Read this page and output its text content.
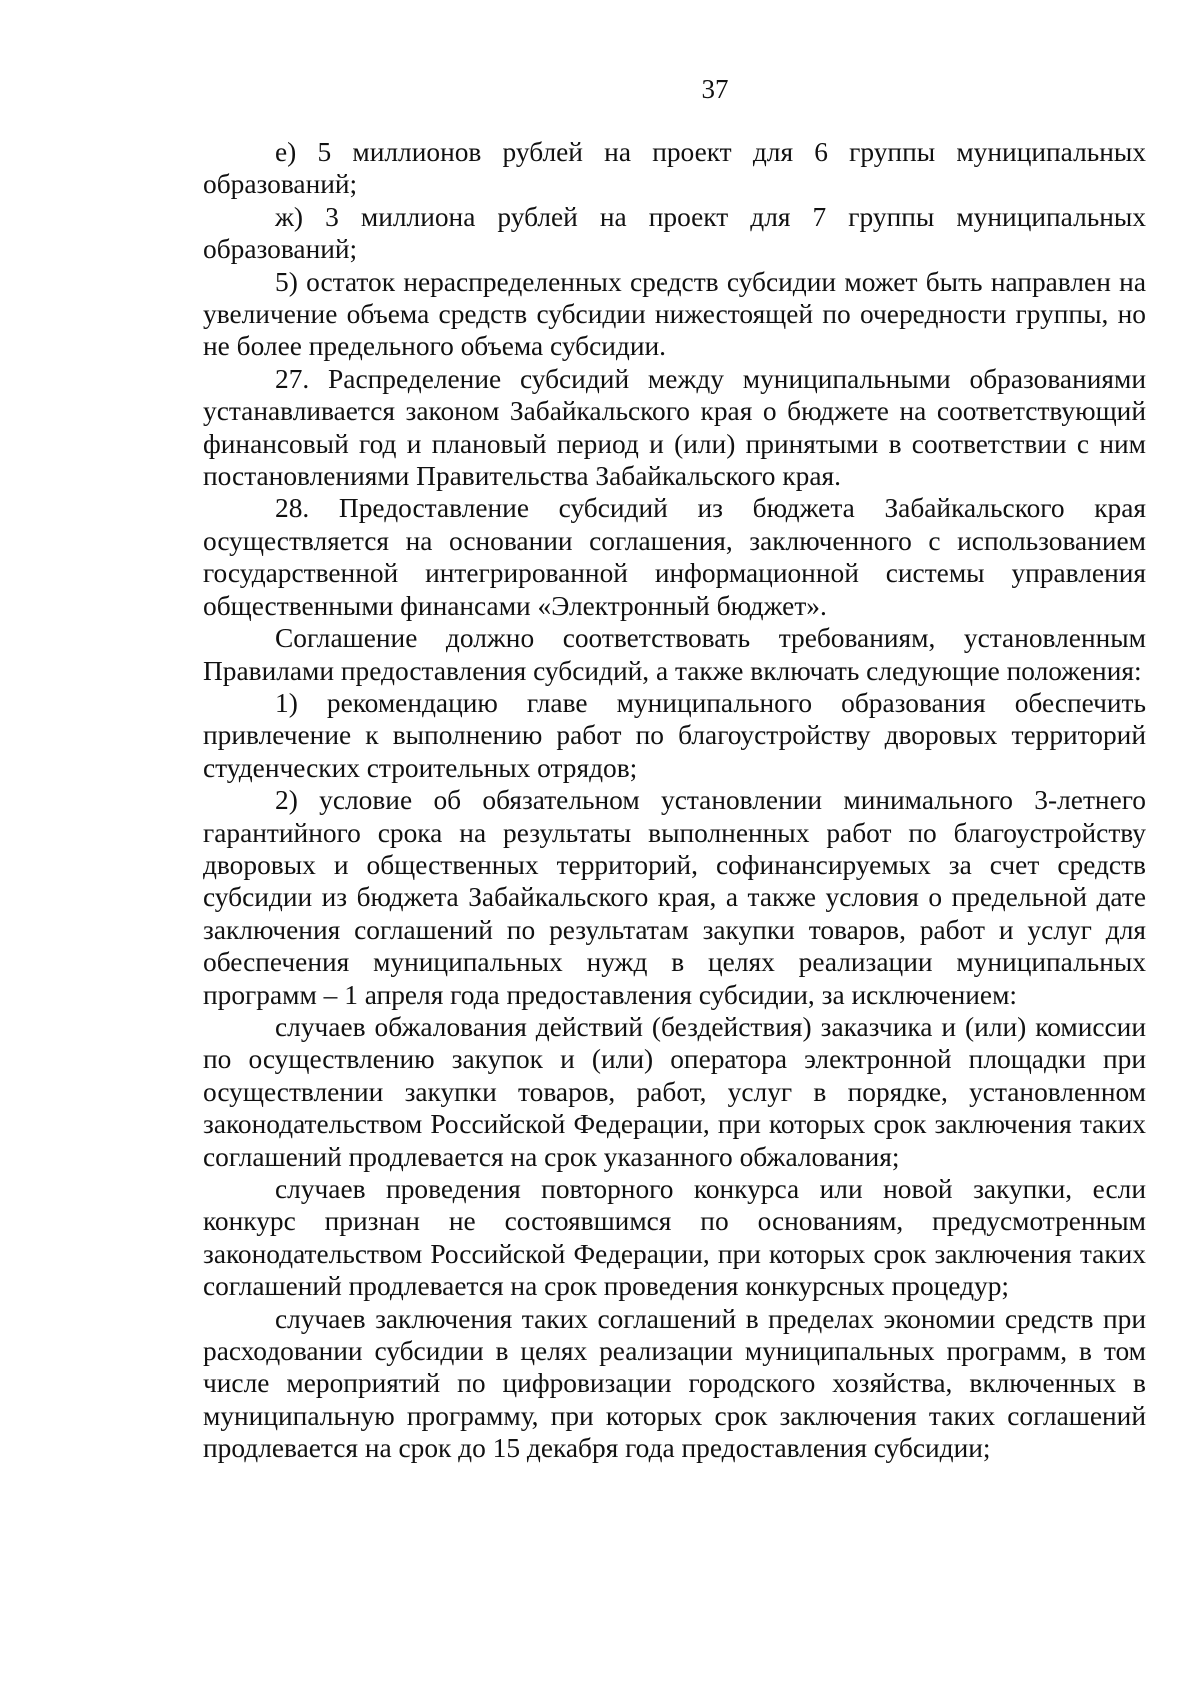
37

е) 5 миллионов рублей на проект для 6 группы муниципальных образований;

ж) 3 миллиона рублей на проект для 7 группы муниципальных образований;

5) остаток нераспределенных средств субсидии может быть направлен на увеличение объема средств субсидии нижестоящей по очередности группы, но не более предельного объема субсидии.

27. Распределение субсидий между муниципальными образованиями устанавливается законом Забайкальского края о бюджете на соответствующий финансовый год и плановый период и (или) принятыми в соответствии с ним постановлениями Правительства Забайкальского края.

28. Предоставление субсидий из бюджета Забайкальского края осуществляется на основании соглашения, заключенного с использованием государственной интегрированной информационной системы управления общественными финансами «Электронный бюджет».

Соглашение должно соответствовать требованиям, установленным Правилами предоставления субсидий, а также включать следующие положения:

1) рекомендацию главе муниципального образования обеспечить привлечение к выполнению работ по благоустройству дворовых территорий студенческих строительных отрядов;

2) условие об обязательном установлении минимального 3-летнего гарантийного срока на результаты выполненных работ по благоустройству дворовых и общественных территорий, софинансируемых за счет средств субсидии из бюджета Забайкальского края, а также условия о предельной дате заключения соглашений по результатам закупки товаров, работ и услуг для обеспечения муниципальных нужд в целях реализации муниципальных программ – 1 апреля года предоставления субсидии, за исключением:

случаев обжалования действий (бездействия) заказчика и (или) комиссии по осуществлению закупок и (или) оператора электронной площадки при осуществлении закупки товаров, работ, услуг в порядке, установленном законодательством Российской Федерации, при которых срок заключения таких соглашений продлевается на срок указанного обжалования;

случаев проведения повторного конкурса или новой закупки, если конкурс признан не состоявшимся по основаниям, предусмотренным законодательством Российской Федерации, при которых срок заключения таких соглашений продлевается на срок проведения конкурсных процедур;

случаев заключения таких соглашений в пределах экономии средств при расходовании субсидии в целях реализации муниципальных программ, в том числе мероприятий по цифровизации городского хозяйства, включенных в муниципальную программу, при которых срок заключения таких соглашений продлевается на срок до 15 декабря года предоставления субсидии;
